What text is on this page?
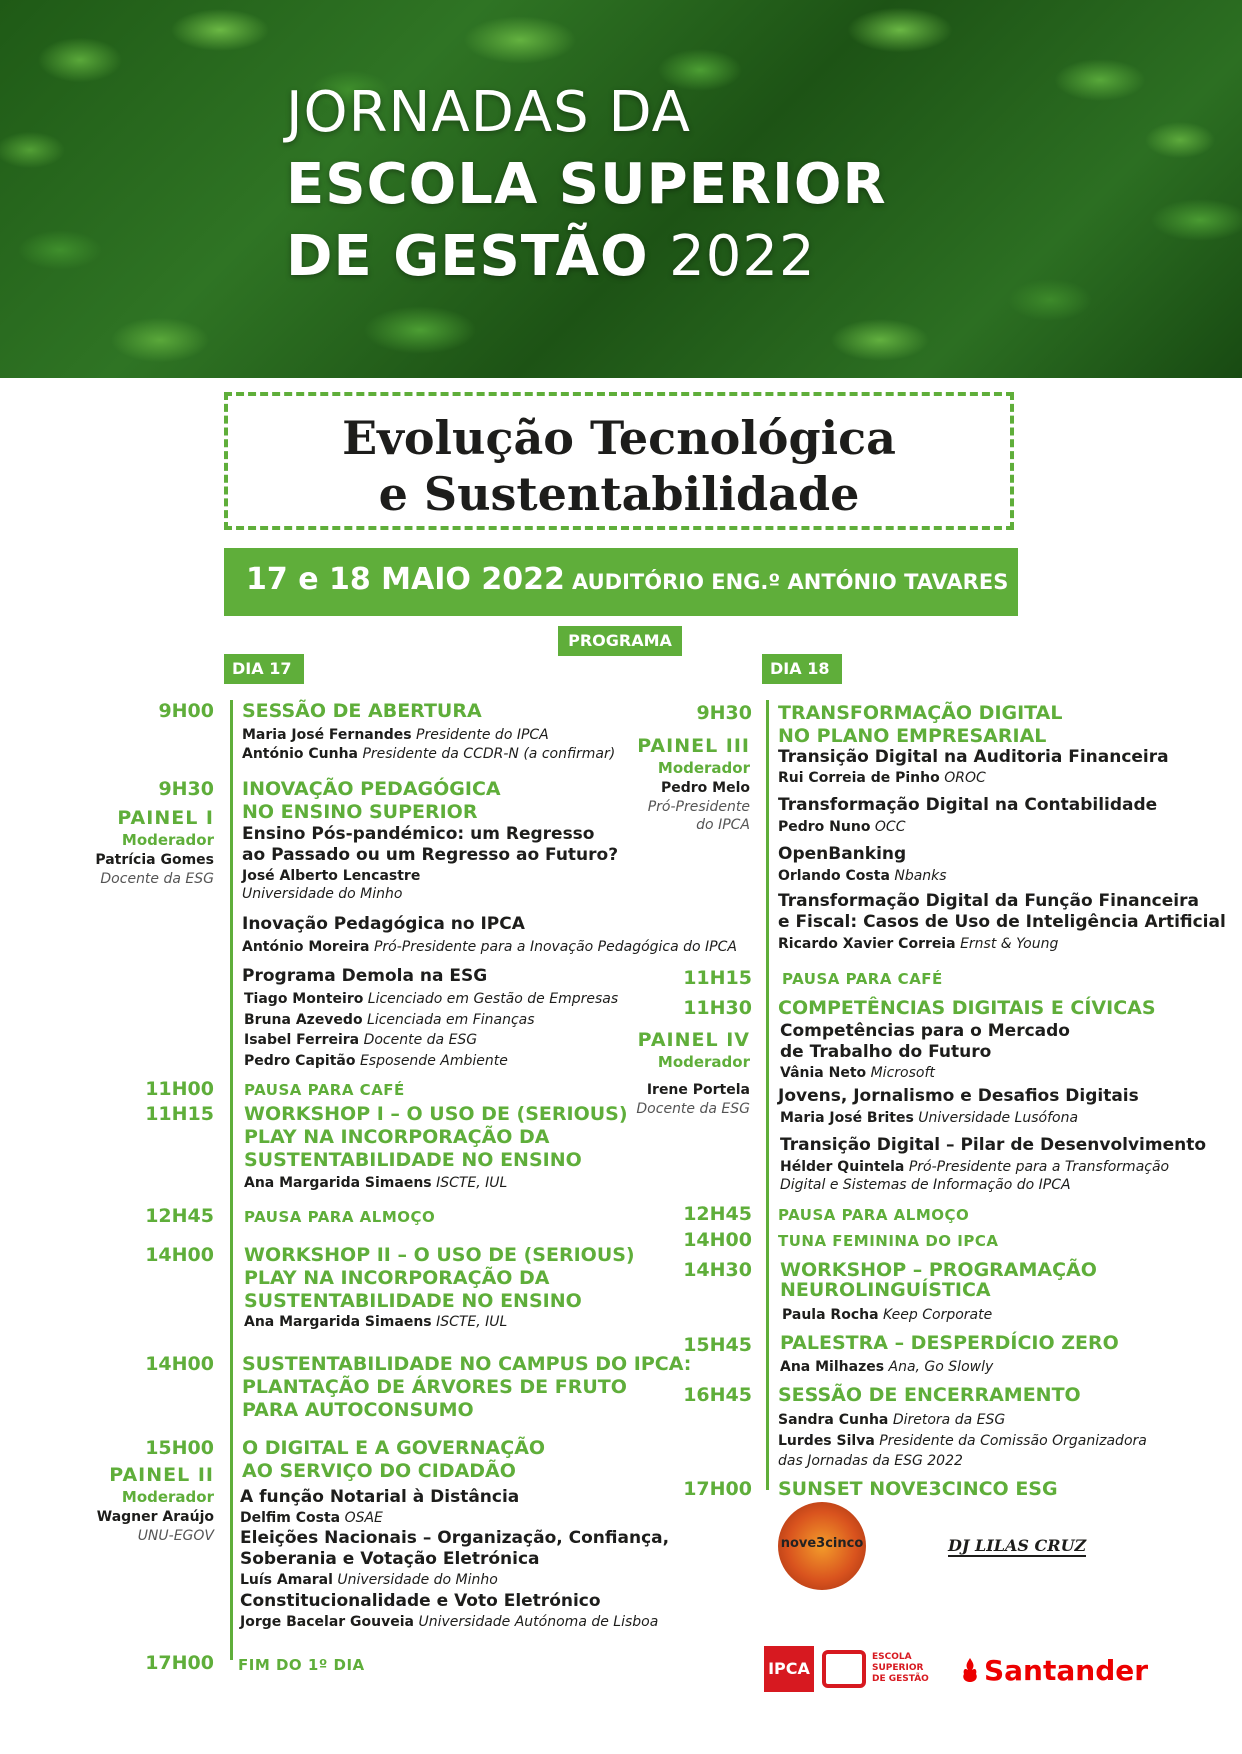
JORNADAS DA
ESCOLA SUPERIOR
DE GESTÃO 2022
Evolução Tecnológica
e Sustentabilidade
17 e 18 MAIO 2022 AUDITÓRIO ENG.º ANTÓNIO TAVARES
PROGRAMA
DIA 17	DIA 18
9H00 SESSÃO DE ABERTURA
Maria José Fernandes Presidente do IPCA
António Cunha Presidente da CCDR-N (a confirmar)
9H30 INOVAÇÃO PEDAGÓGICA
NO ENSINO SUPERIOR
PAINEL I
Moderador
Patrícia Gomes
Docente da ESG
Ensino Pós-pandémico: um Regresso
ao Passado ou um Regresso ao Futuro?
José Alberto Lencastre
Universidade do Minho
Inovação Pedagógica no IPCA
António Moreira Pró-Presidente para a Inovação Pedagógica do IPCA
Programa Demola na ESG
Tiago Monteiro Licenciado em Gestão de Empresas
Bruna Azevedo Licenciada em Finanças
Isabel Ferreira Docente da ESG
Pedro Capitão Esposende Ambiente
11H00 PAUSA PARA CAFÉ
11H15 WORKSHOP I – O USO DE (SERIOUS)
PLAY NA INCORPORAÇÃO DA
SUSTENTABILIDADE NO ENSINO
Ana Margarida Simaens ISCTE, IUL
12H45 PAUSA PARA ALMOÇO
14H00 WORKSHOP II – O USO DE (SERIOUS)
PLAY NA INCORPORAÇÃO DA
SUSTENTABILIDADE NO ENSINO
Ana Margarida Simaens ISCTE, IUL
14H00 SUSTENTABILIDADE NO CAMPUS DO IPCA:
PLANTAÇÃO DE ÁRVORES DE FRUTO
PARA AUTOCONSUMO
15H00 O DIGITAL E A GOVERNAÇÃO
AO SERVIÇO DO CIDADÃO
PAINEL II
Moderador
Wagner Araújo
UNU-EGOV
A função Notarial à Distância
Delfim Costa OSAE
Eleições Nacionais – Organização, Confiança,
Soberania e Votação Eletrónica
Luís Amaral Universidade do Minho
Constitucionalidade e Voto Eletrónico
Jorge Bacelar Gouveia Universidade Autónoma de Lisboa
17H00 FIM DO 1º DIA
9H30 TRANSFORMAÇÃO DIGITAL
NO PLANO EMPRESARIAL
PAINEL III
Moderador
Pedro Melo
Pró-Presidente
do IPCA
Transição Digital na Auditoria Financeira
Rui Correia de Pinho OROC
Transformação Digital na Contabilidade
Pedro Nuno OCC
OpenBanking
Orlando Costa Nbanks
Transformação Digital da Função Financeira
e Fiscal: Casos de Uso de Inteligência Artificial
Ricardo Xavier Correia Ernst & Young
11H15 PAUSA PARA CAFÉ
11H30 COMPETÊNCIAS DIGITAIS E CÍVICAS
PAINEL IV
Moderador
Irene Portela
Docente da ESG
Competências para o Mercado
de Trabalho do Futuro
Vânia Neto Microsoft
Jovens, Jornalismo e Desafios Digitais
Maria José Brites Universidade Lusófona
Transição Digital – Pilar de Desenvolvimento
Hélder Quintela Pró-Presidente para a Transformação
Digital e Sistemas de Informação do IPCA
12H45 PAUSA PARA ALMOÇO
14H00 TUNA FEMININA DO IPCA
14H30 WORKSHOP – PROGRAMAÇÃO
NEUROLINGUÍSTICA
Paula Rocha Keep Corporate
15H45 PALESTRA – DESPERDÍCIO ZERO
Ana Milhazes Ana, Go Slowly
16H45 SESSÃO DE ENCERRAMENTO
Sandra Cunha Diretora da ESG
Lurdes Silva Presidente da Comissão Organizadora
das Jornadas da ESG 2022
17H00 SUNSET NOVE3CINCO ESG
nove3cinco	DJ LILAS CRUZ
IPCA
ESCOLA
SUPERIOR
DE GESTÃO	Santander
